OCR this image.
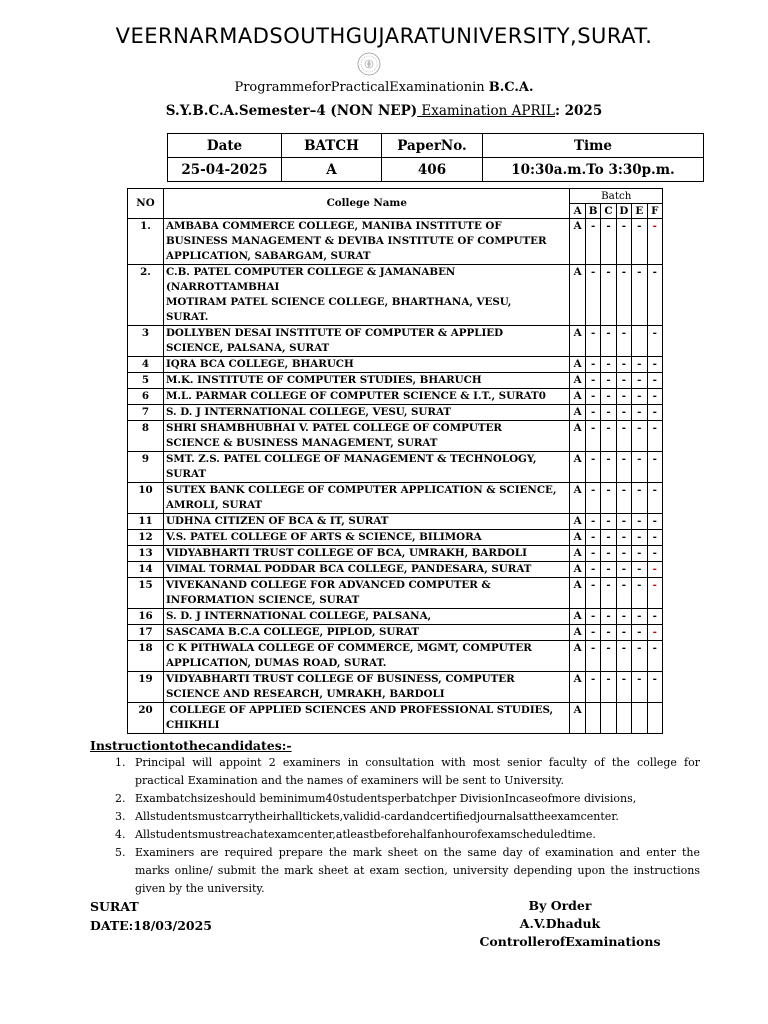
VEERNARMADSOUTHGUJARATUNIVERSITY,SURAT.
ProgrammeforPracticalExaminationin B.C.A.
S.Y.B.C.A.Semester–4 (NON NEP) Examination APRIL: 2025
Date	BATCH	PaperNo.	Time
25-04-2025	A	406	10:30a.m.To 3:30p.m.
NO	College Name	Batch					
		A	B	C	D	E	F
1.	AMBABA COMMERCE COLLEGE, MANIBA INSTITUTE OF
BUSINESS MANAGEMENT & DEVIBA INSTITUTE OF COMPUTER
APPLICATION, SABARGAM, SURAT	A	-	-	-	-	-
2.	C.B. PATEL COMPUTER COLLEGE & JAMANABEN
(NARROTTAMBHAI
MOTIRAM PATEL SCIENCE COLLEGE, BHARTHANA, VESU,
SURAT.	A	-	-	-	-	-
3	DOLLYBEN DESAI INSTITUTE OF COMPUTER & APPLIED
SCIENCE, PALSANA, SURAT	A	-	-	-		-
4	IQRA BCA COLLEGE, BHARUCH	A	-	-	-	-	-
5	M.K. INSTITUTE OF COMPUTER STUDIES, BHARUCH	A	-	-	-	-	-
6	M.L. PARMAR COLLEGE OF COMPUTER SCIENCE & I.T., SURAT0	A	-	-	-	-	-
7	S. D. J INTERNATIONAL COLLEGE, VESU, SURAT	A	-	-	-	-	-
8	SHRI SHAMBHUBHAI V. PATEL COLLEGE OF COMPUTER
SCIENCE & BUSINESS MANAGEMENT, SURAT	A	-	-	-	-	-
9	SMT. Z.S. PATEL COLLEGE OF MANAGEMENT & TECHNOLOGY,
SURAT	A	-	-	-	-	-
10	SUTEX BANK COLLEGE OF COMPUTER APPLICATION & SCIENCE,
AMROLI, SURAT	A	-	-	-	-	-
11	UDHNA CITIZEN OF BCA & IT, SURAT	A	-	-	-	-	-
12	V.S. PATEL COLLEGE OF ARTS & SCIENCE, BILIMORA	A	-	-	-	-	-
13	VIDYABHARTI TRUST COLLEGE OF BCA, UMRAKH, BARDOLI	A	-	-	-	-	-
14	VIMAL TORMAL PODDAR BCA COLLEGE, PANDESARA, SURAT	A	-	-	-	-	-
15	VIVEKANAND COLLEGE FOR ADVANCED COMPUTER &
INFORMATION SCIENCE, SURAT	A	-	-	-	-	-
16	S. D. J INTERNATIONAL COLLEGE, PALSANA,	A	-	-	-	-	-
17	SASCAMA B.C.A COLLEGE, PIPLOD, SURAT	A	-	-	-	-	-
18	C K PITHWALA COLLEGE OF COMMERCE, MGMT, COMPUTER
APPLICATION, DUMAS ROAD, SURAT.	A	-	-	-	-	-
19	VIDYABHARTI TRUST COLLEGE OF BUSINESS, COMPUTER
SCIENCE AND RESEARCH, UMRAKH, BARDOLI	A	-	-	-	-	-
20	COLLEGE OF APPLIED SCIENCES AND PROFESSIONAL STUDIES,
CHIKHLI	A					
Instructiontothecandidates:-
1. Principal will appoint 2 examiners in consultation with most senior faculty of the college for practical Examination and the names of examiners will be sent to University.
2. Exambatchsizeshould beminimum40studentsperbatchper DivisionIncaseofmore divisions,
3. Allstudentsmustcarrytheirhalltickets,validid-cardandcertifiedjournalsattheexamcenter.
4. Allstudentsmustreachatexamcenter,atleastbeforehalfanhourofexamscheduledtime.
5. Examiners are required prepare the mark sheet on the same day of examination and enter the marks online/ submit the mark sheet at exam section, university depending upon the instructions given by the university.
SURAT
DATE:18/03/2025
By Order
A.V.Dhaduk
ControllerofExaminations
